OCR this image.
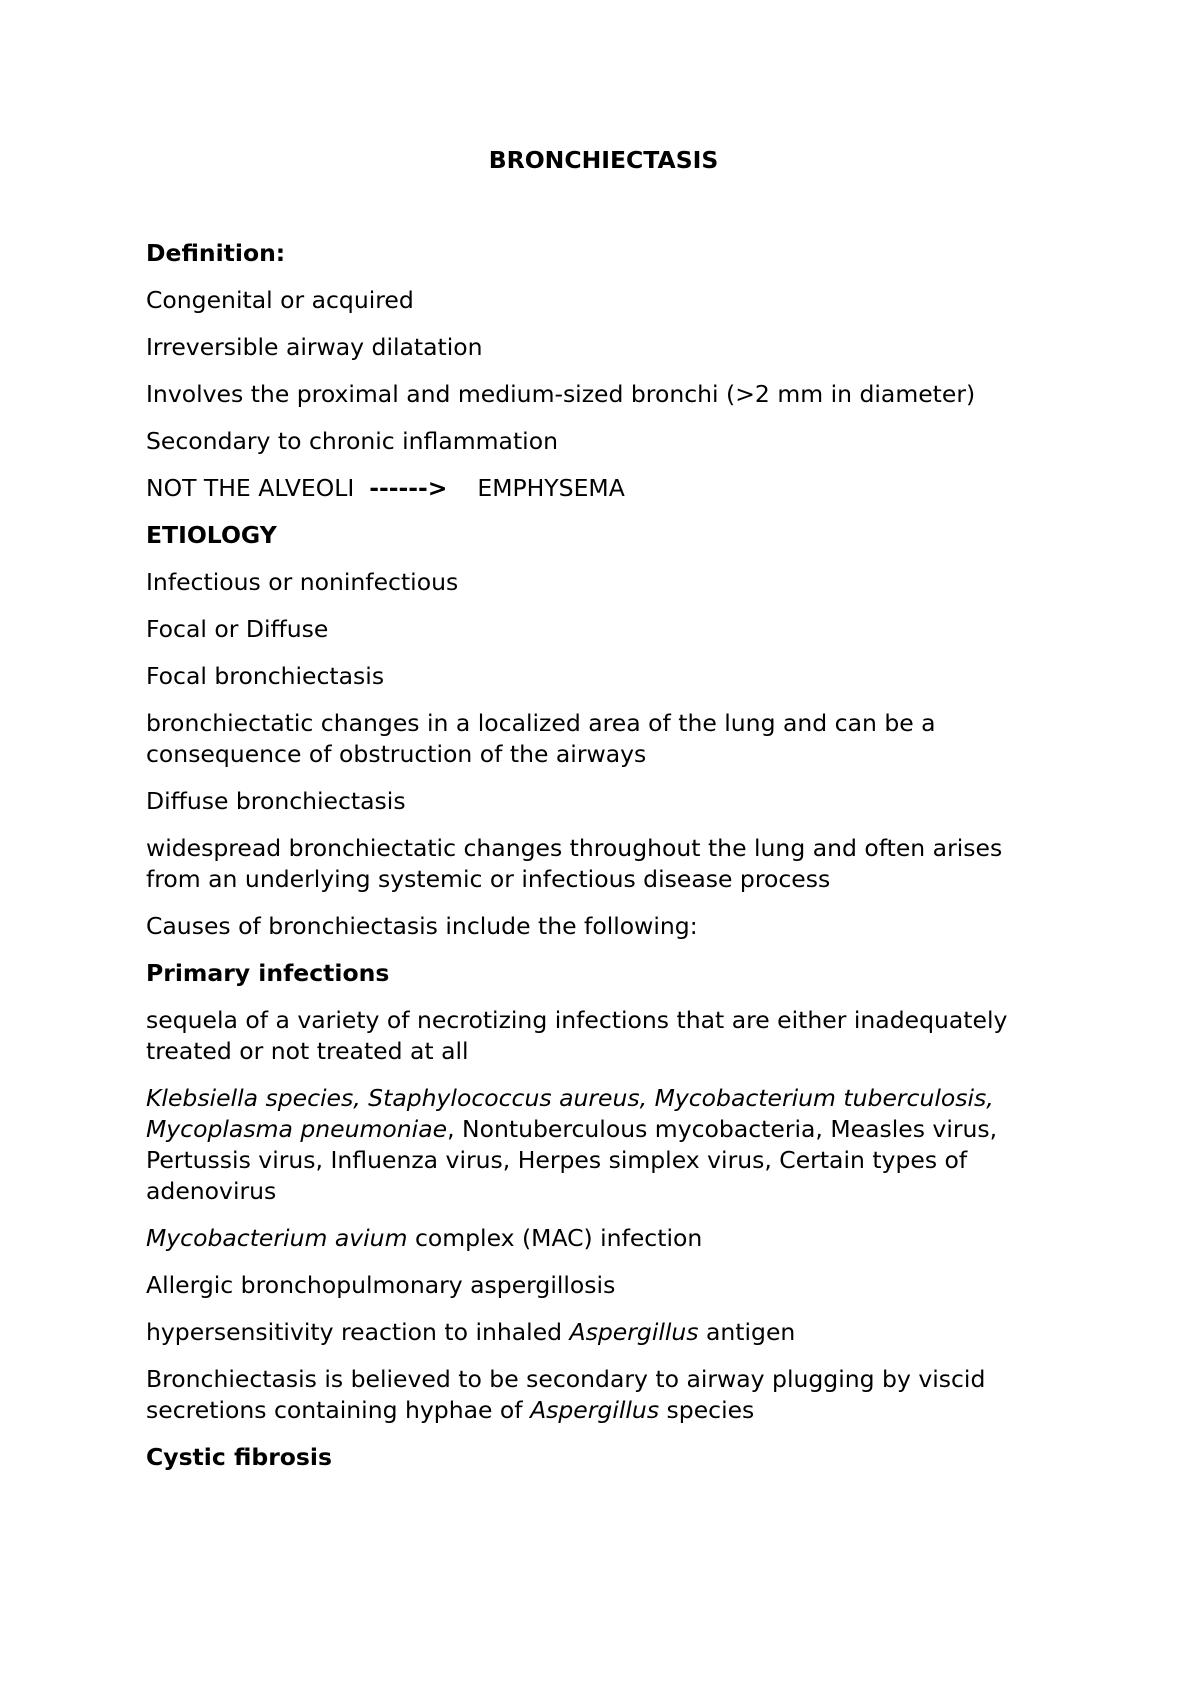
BRONCHIECTASIS

Definition:

Congenital or acquired

Irreversible airway dilatation

Involves the proximal and medium-sized bronchi (>2 mm in diameter)

Secondary to chronic inflammation

NOT THE ALVEOLI ------> EMPHYSEMA

ETIOLOGY

Infectious or noninfectious

Focal or Diffuse

Focal bronchiectasis

bronchiectatic changes in a localized area of the lung and can be a consequence of obstruction of the airways

Diffuse bronchiectasis

widespread bronchiectatic changes throughout the lung and often arises from an underlying systemic or infectious disease process

Causes of bronchiectasis include the following:

Primary infections

sequela of a variety of necrotizing infections that are either inadequately treated or not treated at all

Klebsiella species, Staphylococcus aureus, Mycobacterium tuberculosis, Mycoplasma pneumoniae, Nontuberculous mycobacteria, Measles virus, Pertussis virus, Influenza virus, Herpes simplex virus, Certain types of adenovirus

Mycobacterium avium complex (MAC) infection

Allergic bronchopulmonary aspergillosis

hypersensitivity reaction to inhaled Aspergillus antigen

Bronchiectasis is believed to be secondary to airway plugging by viscid secretions containing hyphae of Aspergillus species

Cystic fibrosis
